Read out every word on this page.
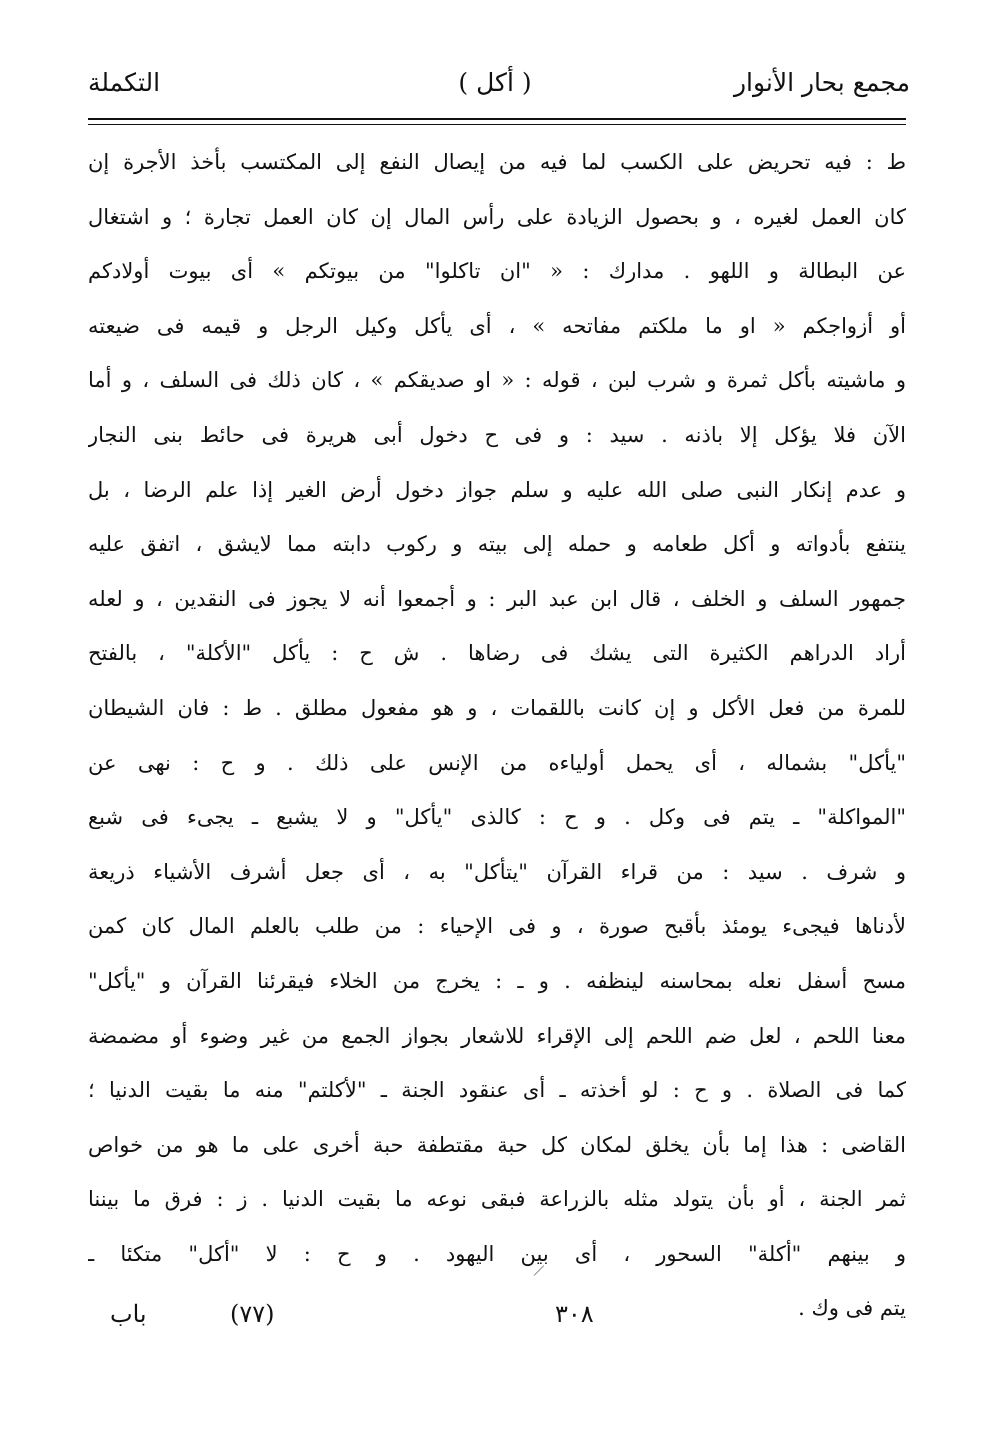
مجمع بحار الأنوار
( أكل )
التكملة
ط : فيه تحريض على الكسب لما فيه من إيصال النفع إلى المكتسب بأخذ الأجرة إن
كان العمل لغيره ، و بحصول الزيادة على رأس المال إن كان العمل تجارة ؛ و اشتغال
عن البطالة و اللهو . مدارك : « "ان تاكلوا" من بيوتكم » أى بيوت أولادكم
أو أزواجكم « او ما ملكتم مفاتحه » ، أى يأكل وكيل الرجل و قيمه فى ضيعته
و ماشيته بأكل ثمرة و شرب لبن ، قوله : « او صديقكم » ، كان ذلك فى السلف ، و أما
الآن فلا يؤكل إلا باذنه . سيد : و فى ح دخول أبى هريرة فى حائط بنى النجار
و عدم إنكار النبى صلى الله عليه و سلم جواز دخول أرض الغير إذا علم الرضا ، بل
ينتفع بأدواته و أكل طعامه و حمله إلى بيته و ركوب دابته مما لايشق ، اتفق عليه
جمهور السلف و الخلف ، قال ابن عبد البر : و أجمعوا أنه لا يجوز فى النقدين ، و لعله
أراد الدراهم الكثيرة التى يشك فى رضاها . ش ح : يأكل "الأكلة" ، بالفتح
للمرة من فعل الأكل و إن كانت باللقمات ، و هو مفعول مطلق . ط : فان الشيطان
"يأكل" بشماله ، أى يحمل أولياءه من الإنس على ذلك . و ح : نهى عن
"المواكلة" ـ يتم فى وكل . و ح : كالذى "يأكل" و لا يشبع ـ يجىء فى شبع
و شرف . سيد : من قراء القرآن "يتأكل" به ، أى جعل أشرف الأشياء ذريعة
لأدناها فيجىء يومئذ بأقبح صورة ، و فى الإحياء : من طلب بالعلم المال كان كمن
مسح أسفل نعله بمحاسنه لينظفه . و ـ : يخرج من الخلاء فيقرئنا القرآن و "يأكل"
معنا اللحم ، لعل ضم اللحم إلى الإقراء للاشعار بجواز الجمع من غير وضوء أو مضمضة
كما فى الصلاة . و ح : لو أخذته ـ أى عنقود الجنة ـ "لأكلتم" منه ما بقيت الدنيا ؛
القاضى : هذا إما بأن يخلق لمكان كل حبة مقتطفة حبة أخرى على ما هو من خواص
ثمر الجنة ، أو بأن يتولد مثله بالزراعة فبقى نوعه ما بقيت الدنيا . ز : فرق ما بيننا
و بينهم "أكلة" السحور ، أى بين اليهود . و ح : لا "أكل" متكئا ـ
يتم فى وك .
٣٠٨
(٧٧)
باب
